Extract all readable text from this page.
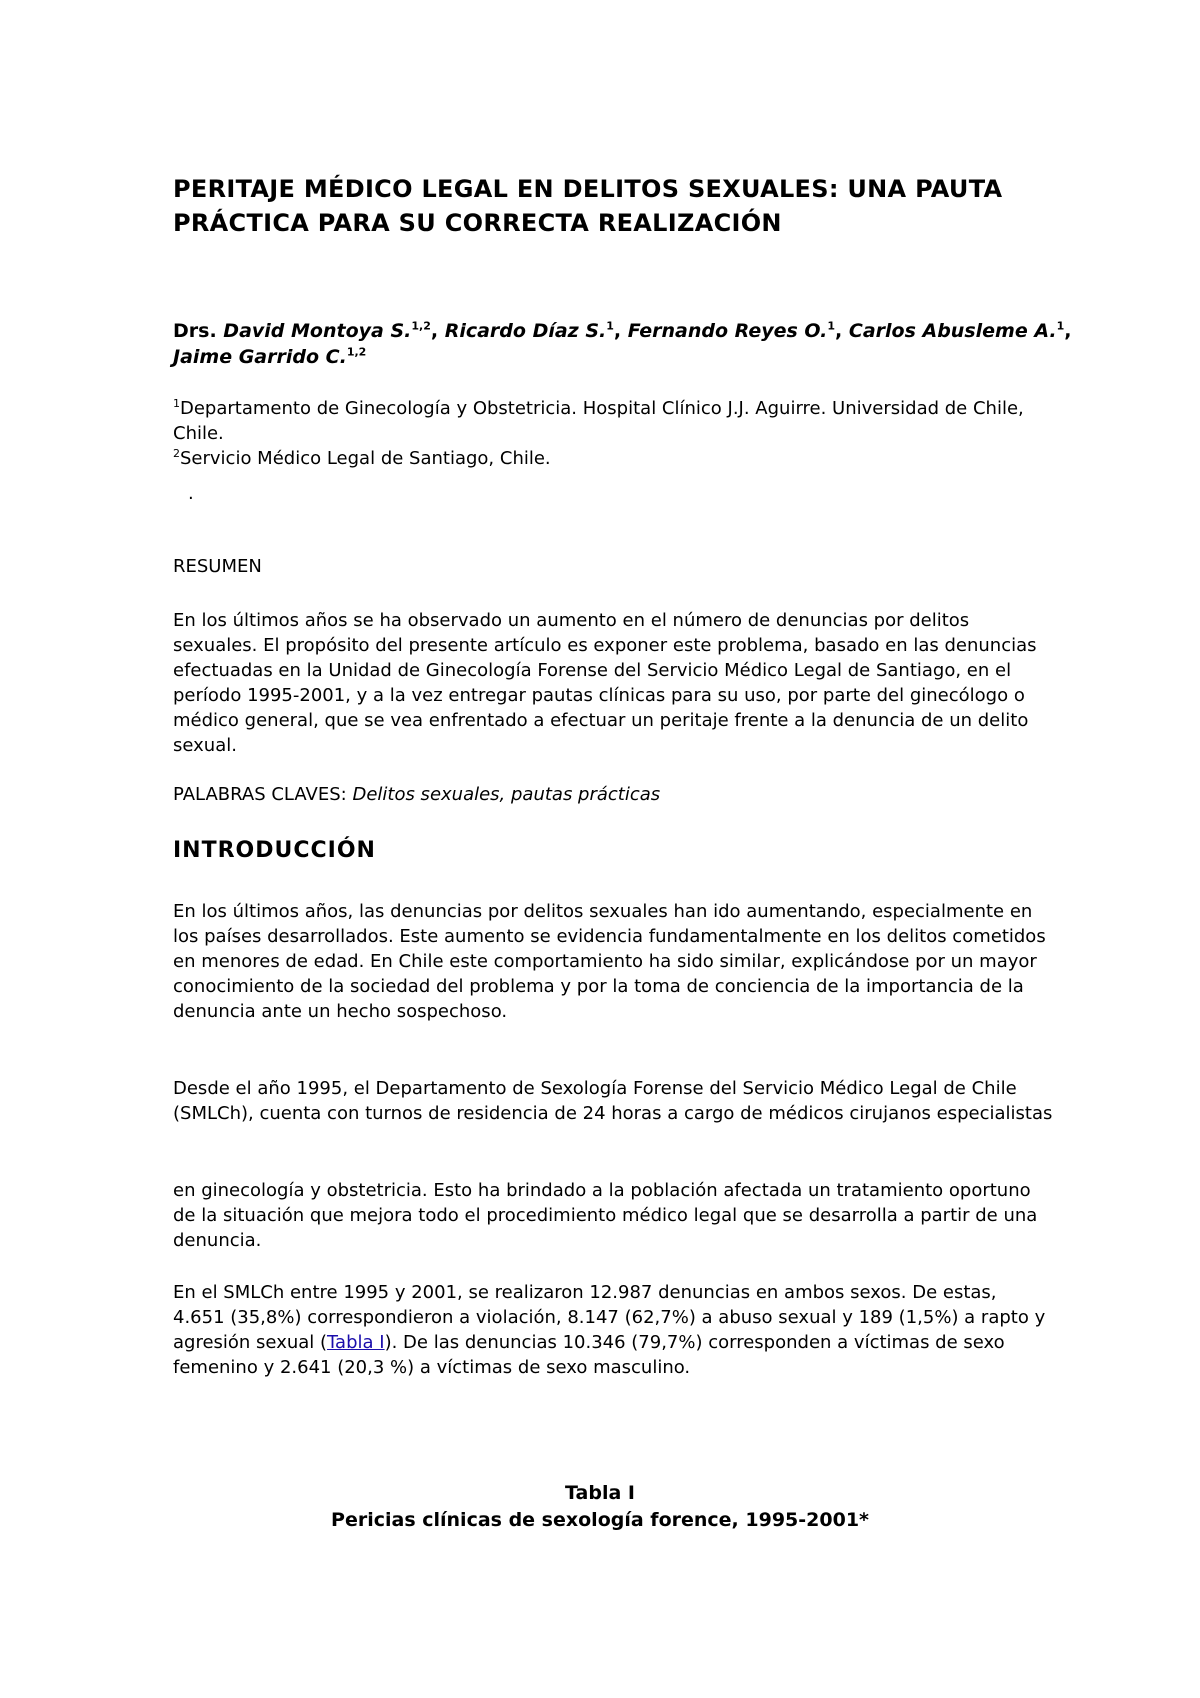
PERITAJE MÉDICO LEGAL EN DELITOS SEXUALES: UNA PAUTA PRÁCTICA PARA SU CORRECTA REALIZACIÓN

Drs. David Montoya S.$^{1,2}$, Ricardo Díaz S.$^1$, Fernando Reyes O.$^1$, Carlos Abusleme A.$^1$, Jaime Garrido C.$^{1,2}$

$^1$Departamento de Ginecología y Obstetricia. Hospital Clínico J.J. Aguirre. Universidad de Chile, Chile.
$^2$Servicio Médico Legal de Santiago, Chile.

.

RESUMEN

En los últimos años se ha observado un aumento en el número de denuncias por delitos sexuales. El propósito del presente artículo es exponer este problema, basado en las denuncias efectuadas en la Unidad de Ginecología Forense del Servicio Médico Legal de Santiago, en el período 1995-2001, y a la vez entregar pautas clínicas para su uso, por parte del ginecólogo o médico general, que se vea enfrentado a efectuar un peritaje frente a la denuncia de un delito sexual.

PALABRAS CLAVES: Delitos sexuales, pautas prácticas

INTRODUCCIÓN

En los últimos años, las denuncias por delitos sexuales han ido aumentando, especialmente en los países desarrollados. Este aumento se evidencia fundamentalmente en los delitos cometidos en menores de edad. En Chile este comportamiento ha sido similar, explicándose por un mayor conocimiento de la sociedad del problema y por la toma de conciencia de la importancia de la denuncia ante un hecho sospechoso.

Desde el año 1995, el Departamento de Sexología Forense del Servicio Médico Legal de Chile (SMLCh), cuenta con turnos de residencia de 24 horas a cargo de médicos cirujanos especialistas

en ginecología y obstetricia. Esto ha brindado a la población afectada un tratamiento oportuno de la situación que mejora todo el procedimiento médico legal que se desarrolla a partir de una denuncia.

En el SMLCh entre 1995 y 2001, se realizaron 12.987 denuncias en ambos sexos. De estas, 4.651 (35,8%) correspondieron a violación, 8.147 (62,7%) a abuso sexual y 189 (1,5%) a rapto y agresión sexual (Tabla I). De las denuncias 10.346 (79,7%) corresponden a víctimas de sexo femenino y 2.641 (20,3 %) a víctimas de sexo masculino.

Tabla I
Pericias clínicas de sexología forence, 1995-2001*
